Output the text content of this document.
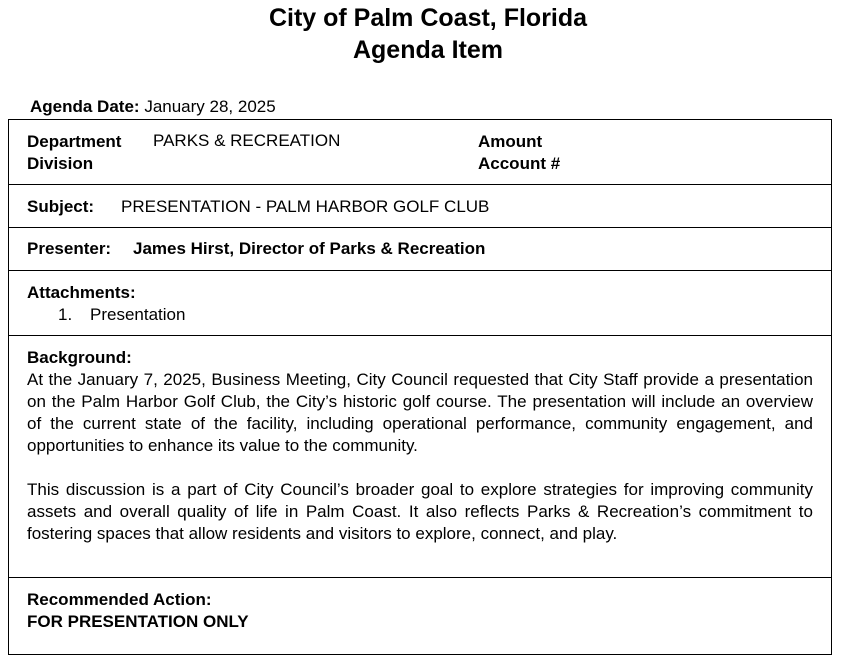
City of Palm Coast, Florida
Agenda Item
Agenda Date: January 28, 2025
Department PARKS & RECREATION
Division
Amount
Account #
Subject: PRESENTATION - PALM HARBOR GOLF CLUB
Presenter: James Hirst, Director of Parks & Recreation
Attachments:
1. Presentation
Background:
At the January 7, 2025, Business Meeting, City Council requested that City Staff provide a presentation on the Palm Harbor Golf Club, the City’s historic golf course. The presentation will include an overview of the current state of the facility, including operational performance, community engagement, and opportunities to enhance its value to the community.
This discussion is a part of City Council’s broader goal to explore strategies for improving community assets and overall quality of life in Palm Coast. It also reflects Parks & Recreation’s commitment to fostering spaces that allow residents and visitors to explore, connect, and play.
Recommended Action:
FOR PRESENTATION ONLY
